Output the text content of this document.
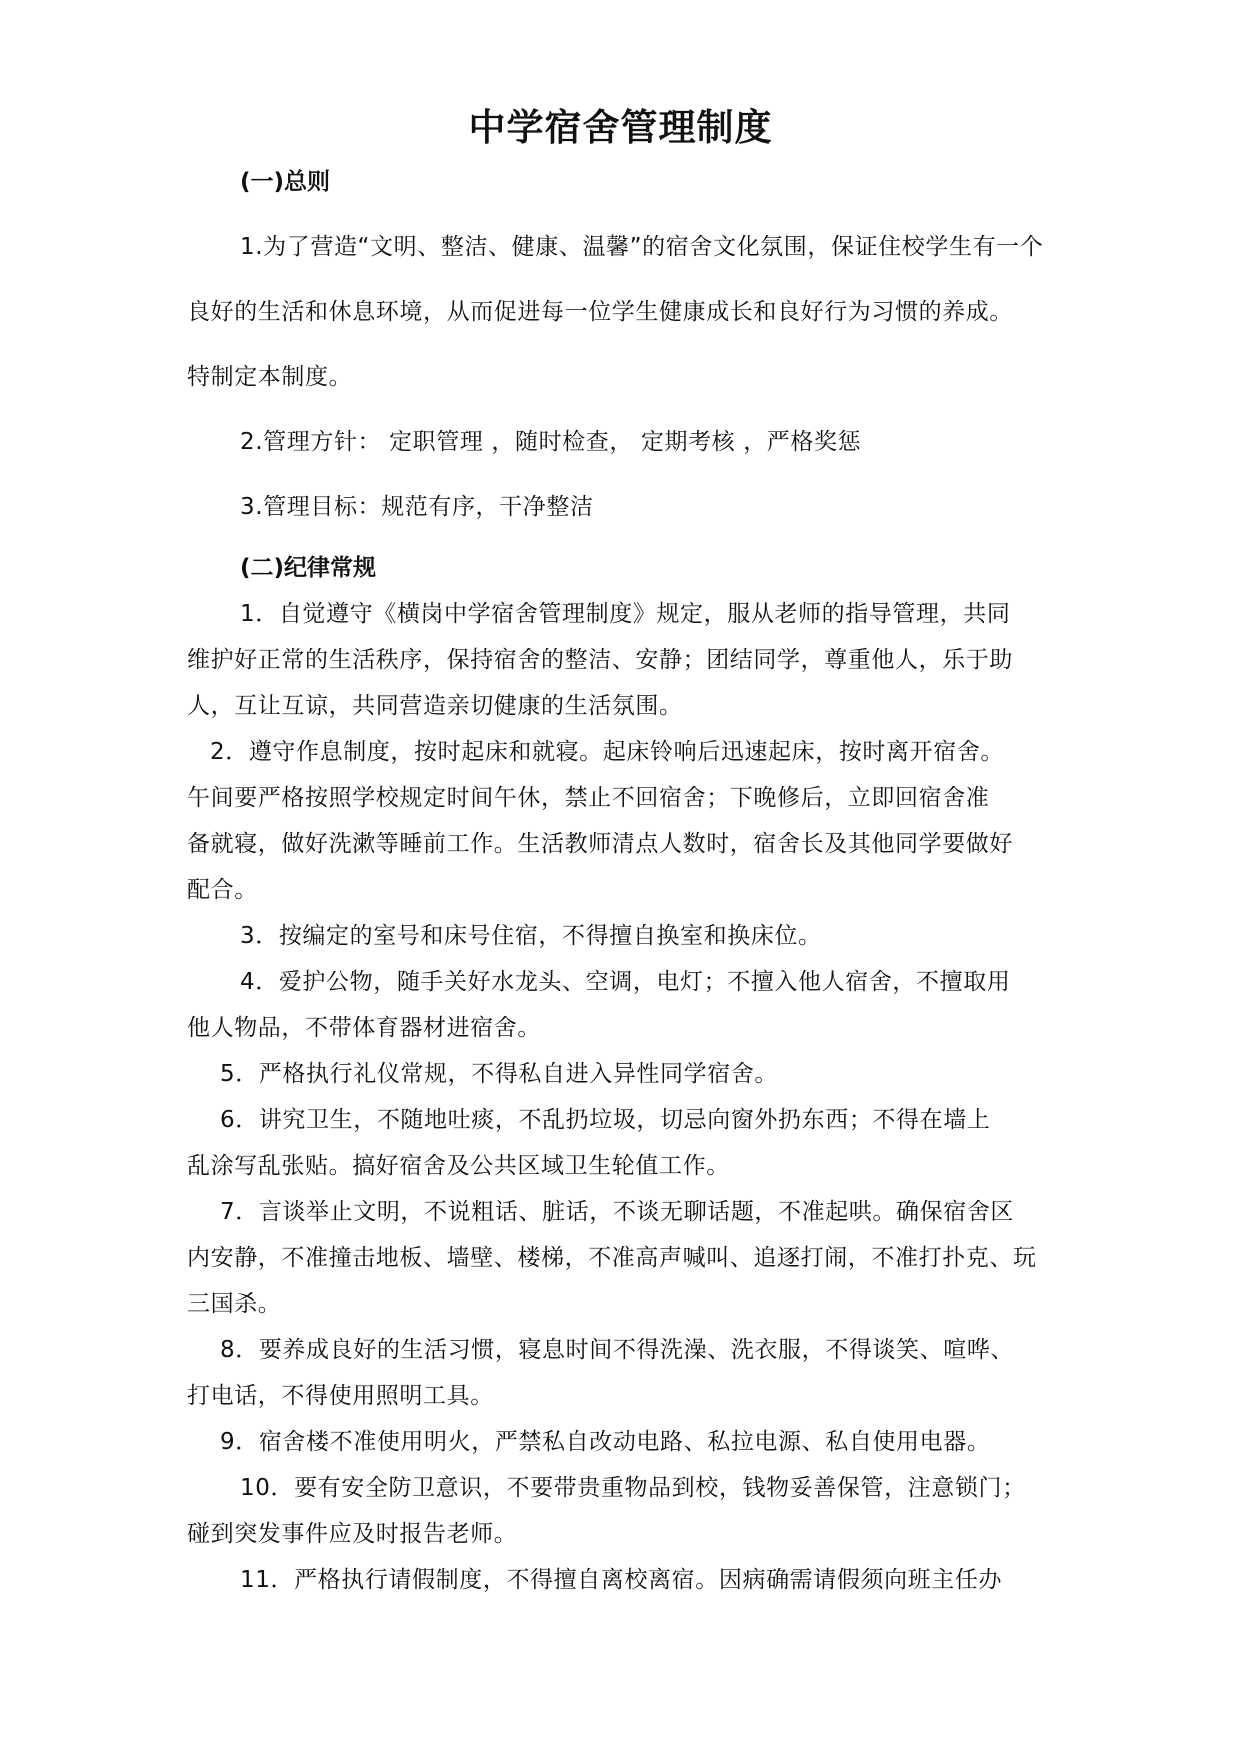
中学宿舍管理制度
(一)总则
1.为了营造“文明、整洁、健康、温馨”的宿舍文化氛围，保证住校学生有一个
良好的生活和休息环境，从而促进每一位学生健康成长和良好行为习惯的养成。
特制定本制度。
2.管理方针： 定职管理 ，随时检查， 定期考核 ，严格奖惩
3.管理目标：规范有序，干净整洁
(二)纪律常规
1．自觉遵守《横岗中学宿舍管理制度》规定，服从老师的指导管理，共同
维护好正常的生活秩序，保持宿舍的整洁、安静；团结同学，尊重他人，乐于助
人，互让互谅，共同营造亲切健康的生活氛围。
2．遵守作息制度，按时起床和就寝。起床铃响后迅速起床，按时离开宿舍。
午间要严格按照学校规定时间午休，禁止不回宿舍；下晚修后，立即回宿舍准
备就寝，做好洗漱等睡前工作。生活教师清点人数时，宿舍长及其他同学要做好
配合。
3．按编定的室号和床号住宿，不得擅自换室和换床位。
4．爱护公物，随手关好水龙头、空调，电灯；不擅入他人宿舍，不擅取用
他人物品，不带体育器材进宿舍。
5．严格执行礼仪常规，不得私自进入异性同学宿舍。
6．讲究卫生，不随地吐痰，不乱扔垃圾，切忌向窗外扔东西；不得在墙上
乱涂写乱张贴。搞好宿舍及公共区域卫生轮值工作。
7．言谈举止文明，不说粗话、脏话，不谈无聊话题，不准起哄。确保宿舍区
内安静，不准撞击地板、墙壁、楼梯，不准高声喊叫、追逐打闹，不准打扑克、玩
三国杀。
8．要养成良好的生活习惯，寝息时间不得洗澡、洗衣服，不得谈笑、喧哗、
打电话，不得使用照明工具。
9．宿舍楼不准使用明火，严禁私自改动电路、私拉电源、私自使用电器。
10．要有安全防卫意识，不要带贵重物品到校，钱物妥善保管，注意锁门；
碰到突发事件应及时报告老师。
11．严格执行请假制度，不得擅自离校离宿。因病确需请假须向班主任办
